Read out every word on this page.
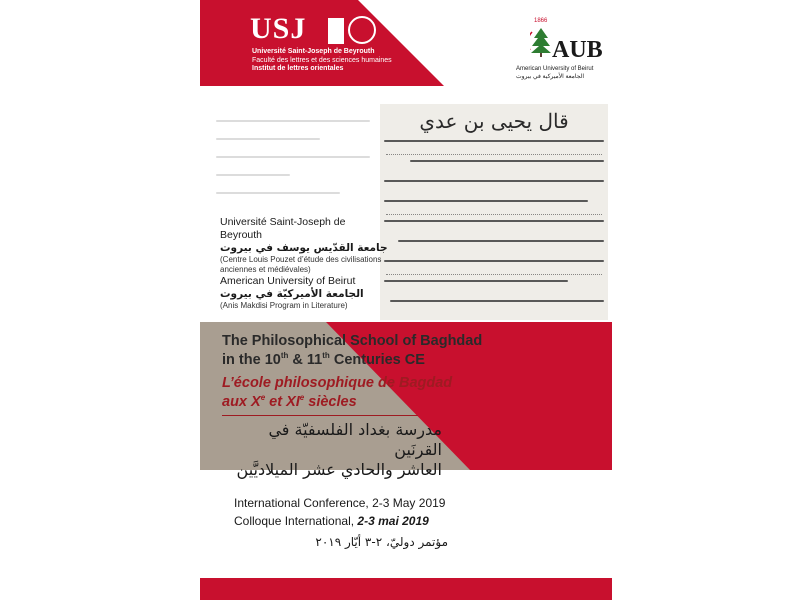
USJ
Université Saint-Joseph de Beyrouth
Faculté des lettres et des sciences humaines
Institut de lettres orientales
1866
AUB
American University of Beirut
الجامعة الأميركية في بيروت
قال يحيى بن عدي
Université Saint-Joseph de Beyrouth
جامعة القدّيس يوسف في بيروت
(Centre Louis Pouzet d’étude des civilisations anciennes et médiévales)
American University of Beirut
الجامعة الأميركيّة في بيروت
(Anis Makdisi Program in Literature)
The Philosophical School of Baghdad
in the 10th & 11th Centuries CE
L’école philosophique de Bagdad
aux Xe et XIe siècles
مدرسة بغداد الفلسفيّة في القرنَين
العاشر والحادي عشر الميلاديَّين
International Conference, 2-3 May 2019
Colloque International, 2-3 mai 2019
مؤتمر دوليّ، ٢-٣ أيّار ٢٠١٩
